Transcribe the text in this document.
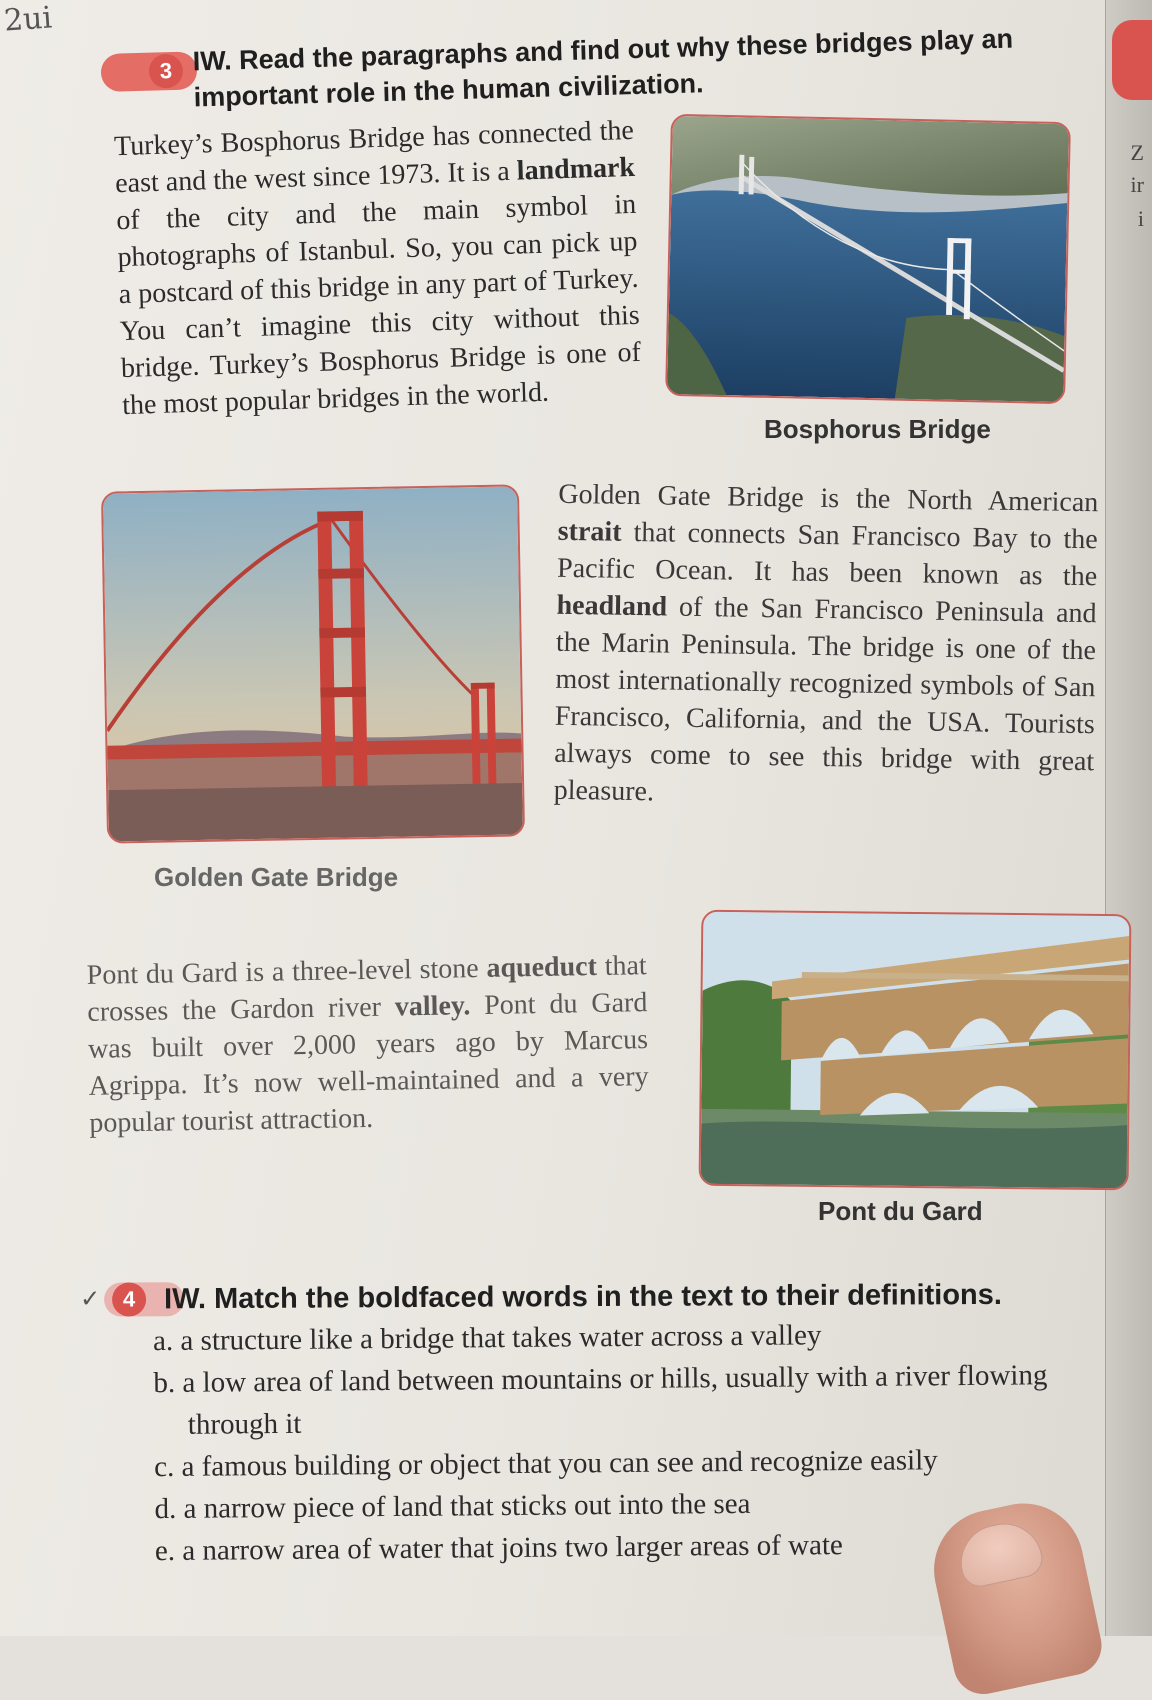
2ui
Z
ir
i
3 IW. Read the paragraphs and find out why these bridges play an important role in the human civilization.
Turkey’s Bosphorus Bridge has connected the east and the west since 1973. It is a landmark of the city and the main symbol in photographs of Istanbul. So, you can pick up a postcard of this bridge in any part of Turkey. You can’t imagine this city without this bridge. Turkey’s Bosphorus Bridge is one of the most popular bridges in the world.
Bosphorus Bridge
Golden Gate Bridge
Golden Gate Bridge is the North American strait that connects San Francisco Bay to the Pacific Ocean. It has been known as the headland of the San Francisco Peninsula and the Marin Peninsula. The bridge is one of the most internationally recognized symbols of San Francisco, California, and the USA. Tourists always come to see this bridge with great pleasure.
Pont du Gard is a three-level stone aqueduct that crosses the Gardon river valley. Pont du Gard was built over 2,000 years ago by Marcus Agrippa. It’s now well-maintained and a very popular tourist attraction.
Pont du Gard
✓	4 IW. Match the boldfaced words in the text to their definitions.
a. a structure like a bridge that takes water across a valley
b. a low area of land between mountains or hills, usually with a river flowing through it
c. a famous building or object that you can see and recognize easily
d. a narrow piece of land that sticks out into the sea
e. a narrow area of water that joins two larger areas of wate
